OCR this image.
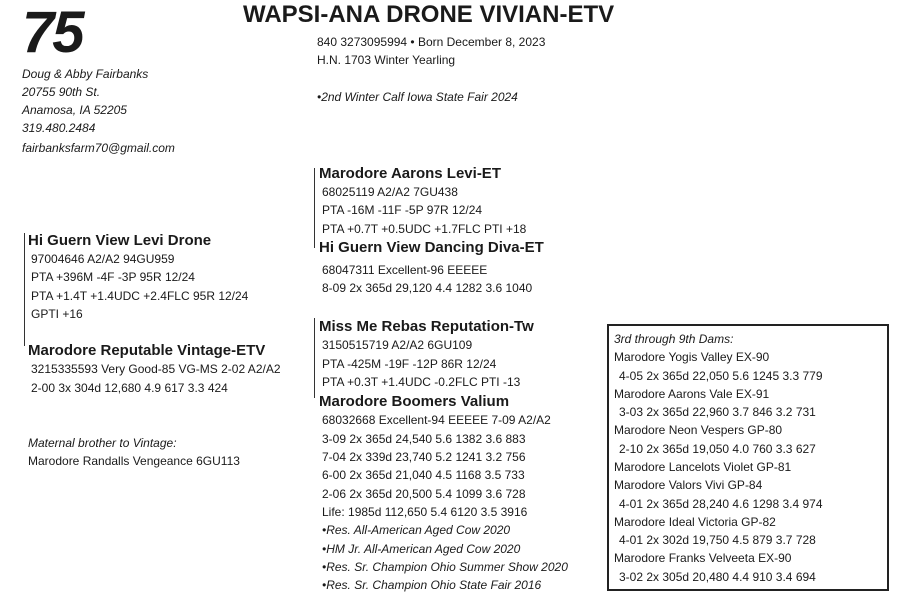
75	WAPSI-ANA DRONE VIVIAN-ETV
840 3273095994 • Born December 8, 2023
H.N. 1703 Winter Yearling
•2nd Winter Calf Iowa State Fair 2024
Doug & Abby Fairbanks
20755 90th St.
Anamosa, IA 52205
319.480.2484
fairbanksfarm70@gmail.com
Hi Guern View Levi Drone
97004646 A2/A2 94GU959
PTA +396M -4F -3P 95R 12/24
PTA +1.4T +1.4UDC +2.4FLC 95R 12/24
GPTI +16
Marodore Reputable Vintage-ETV
3215335593 Very Good-85 VG-MS 2-02 A2/A2
2-00 3x 304d 12,680 4.9 617 3.3 424
Maternal brother to Vintage:
Marodore Randalls Vengeance 6GU113
Marodore Aarons Levi-ET
68025119 A2/A2 7GU438
PTA -16M -11F -5P 97R 12/24
PTA +0.7T +0.5UDC +1.7FLC PTI +18
Hi Guern View Dancing Diva-ET
68047311 Excellent-96 EEEEE
8-09 2x 365d 29,120 4.4 1282 3.6 1040
Miss Me Rebas Reputation-Tw
3150515719 A2/A2 6GU109
PTA -425M -19F -12P 86R 12/24
PTA +0.3T +1.4UDC -0.2FLC PTI -13
Marodore Boomers Valium
68032668 Excellent-94 EEEEE 7-09 A2/A2
3-09 2x 365d 24,540 5.6 1382 3.6 883
7-04 2x 339d 23,740 5.2 1241 3.2 756
6-00 2x 365d 21,040 4.5 1168 3.5 733
2-06 2x 365d 20,500 5.4 1099 3.6 728
Life: 1985d 112,650 5.4 6120 3.5 3916
•Res. All-American Aged Cow 2020
•HM Jr. All-American Aged Cow 2020
•Res. Sr. Champion Ohio Summer Show 2020
•Res. Sr. Champion Ohio State Fair 2016
3rd through 9th Dams:
Marodore Yogis Valley EX-90
4-05 2x 365d 22,050 5.6 1245 3.3 779
Marodore Aarons Vale EX-91
3-03 2x 365d 22,960 3.7 846 3.2 731
Marodore Neon Vespers GP-80
2-10 2x 365d 19,050 4.0 760 3.3 627
Marodore Lancelots Violet GP-81
Marodore Valors Vivi GP-84
4-01 2x 365d 28,240 4.6 1298 3.4 974
Marodore Ideal Victoria GP-82
4-01 2x 302d 19,750 4.5 879 3.7 728
Marodore Franks Velveeta EX-90
3-02 2x 305d 20,480 4.4 910 3.4 694
